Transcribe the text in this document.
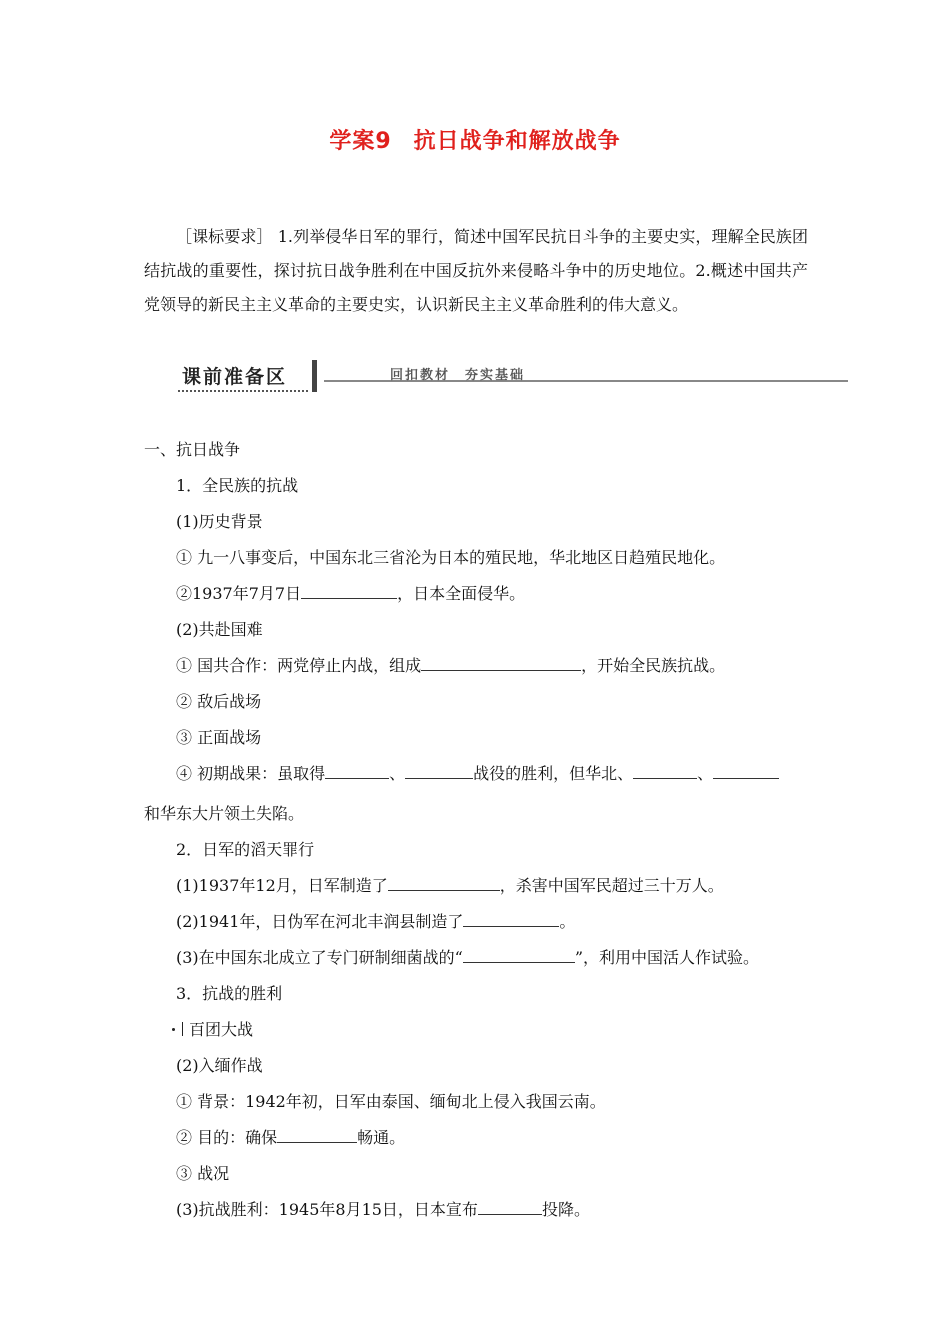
学案9 抗日战争和解放战争
［课标要求］ 1.列举侵华日军的罪行，简述中国军民抗日斗争的主要史实，理解全民族团结抗战的重要性，探讨抗日战争胜利在中国反抗外来侵略斗争中的历史地位。2.概述中国共产党领导的新民主主义革命的主要史实，认识新民主主义革命胜利的伟大意义。
课前准备区	回扣教材　夯实基础
一、抗日战争
1．全民族的抗战
(1)历史背景
① 九一八事变后，中国东北三省沦为日本的殖民地，华北地区日趋殖民地化。
②1937年7月7日	，日本全面侵华。
(2)共赴国难
① 国共合作：两党停止内战，组成	，开始全民族抗战。
② 敌后战场
③ 正面战场
④ 初期战果：虽取得	、	战役的胜利，但华北、	、
和华东大片领土失陷。
2．日军的滔天罪行
(1)1937年12月，日军制造了	，杀害中国军民超过三十万人。
(2)1941年，日伪军在河北丰润县制造了	。
(3)在中国东北成立了专门研制细菌战的“	”，利用中国活人作试验。
3．抗战的胜利
百团大战
(2)入缅作战
① 背景：1942年初，日军由泰国、缅甸北上侵入我国云南。
② 目的：确保	畅通。
③ 战况
(3)抗战胜利：1945年8月15日，日本宣布	投降。
